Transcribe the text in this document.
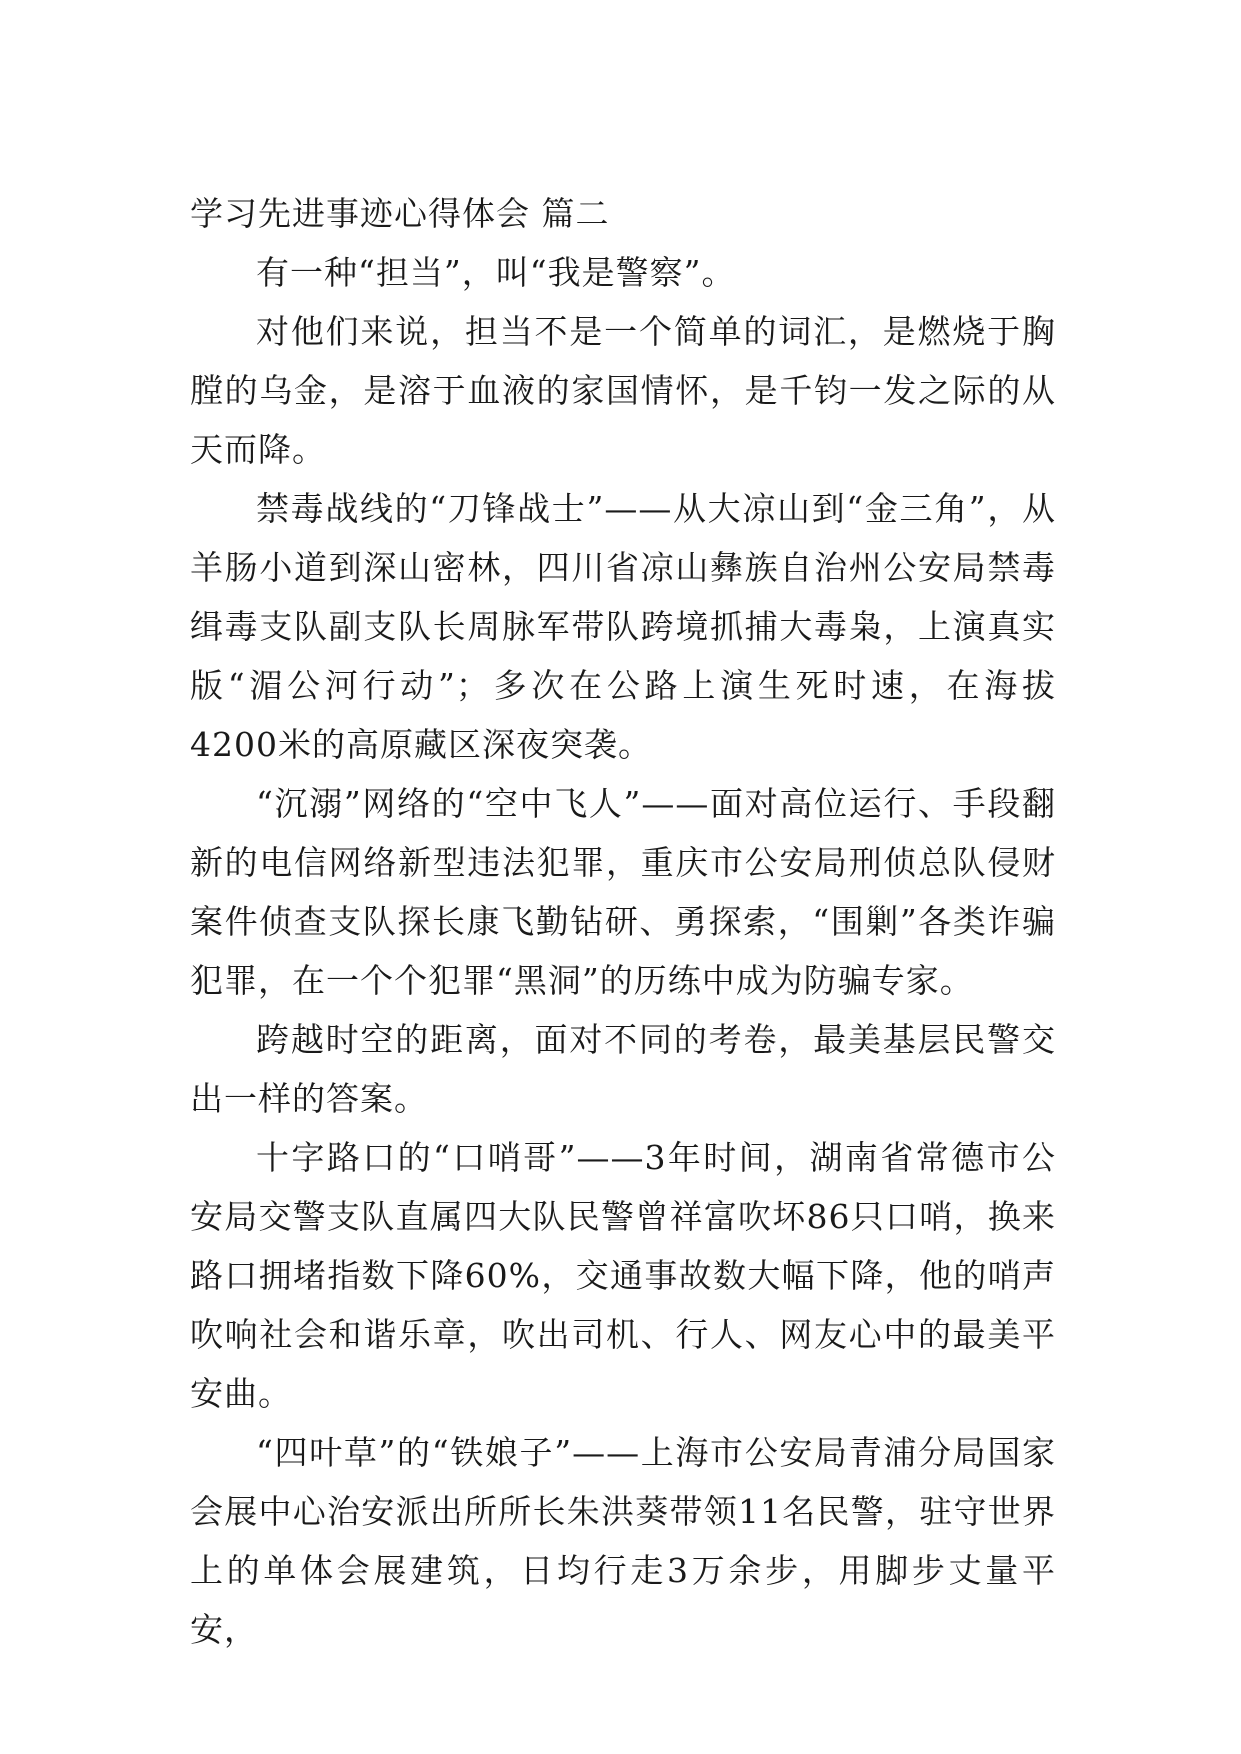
学习先进事迹心得体会 篇二

有一种“担当”，叫“我是警察”。

对他们来说，担当不是一个简单的词汇，是燃烧于胸膛的乌金，是溶于血液的家国情怀，是千钧一发之际的从天而降。

禁毒战线的“刀锋战士”——从大凉山到“金三角”，从羊肠小道到深山密林，四川省凉山彝族自治州公安局禁毒缉毒支队副支队长周脉军带队跨境抓捕大毒枭，上演真实版“湄公河行动”；多次在公路上演生死时速，在海拔4200米的高原藏区深夜突袭。

“沉溺”网络的“空中飞人”——面对高位运行、手段翻新的电信网络新型违法犯罪，重庆市公安局刑侦总队侵财案件侦查支队探长康飞勤钻研、勇探索，“围剿”各类诈骗犯罪，在一个个犯罪“黑洞”的历练中成为防骗专家。

跨越时空的距离，面对不同的考卷，最美基层民警交出一样的答案。

十字路口的“口哨哥”——3年时间，湖南省常德市公安局交警支队直属四大队民警曾祥富吹坏86只口哨，换来路口拥堵指数下降60%，交通事故数大幅下降，他的哨声吹响社会和谐乐章，吹出司机、行人、网友心中的最美平安曲。

“四叶草”的“铁娘子”——上海市公安局青浦分局国家会展中心治安派出所所长朱洪葵带领11名民警，驻守世界上的单体会展建筑，日均行走3万余步，用脚步丈量平安，
